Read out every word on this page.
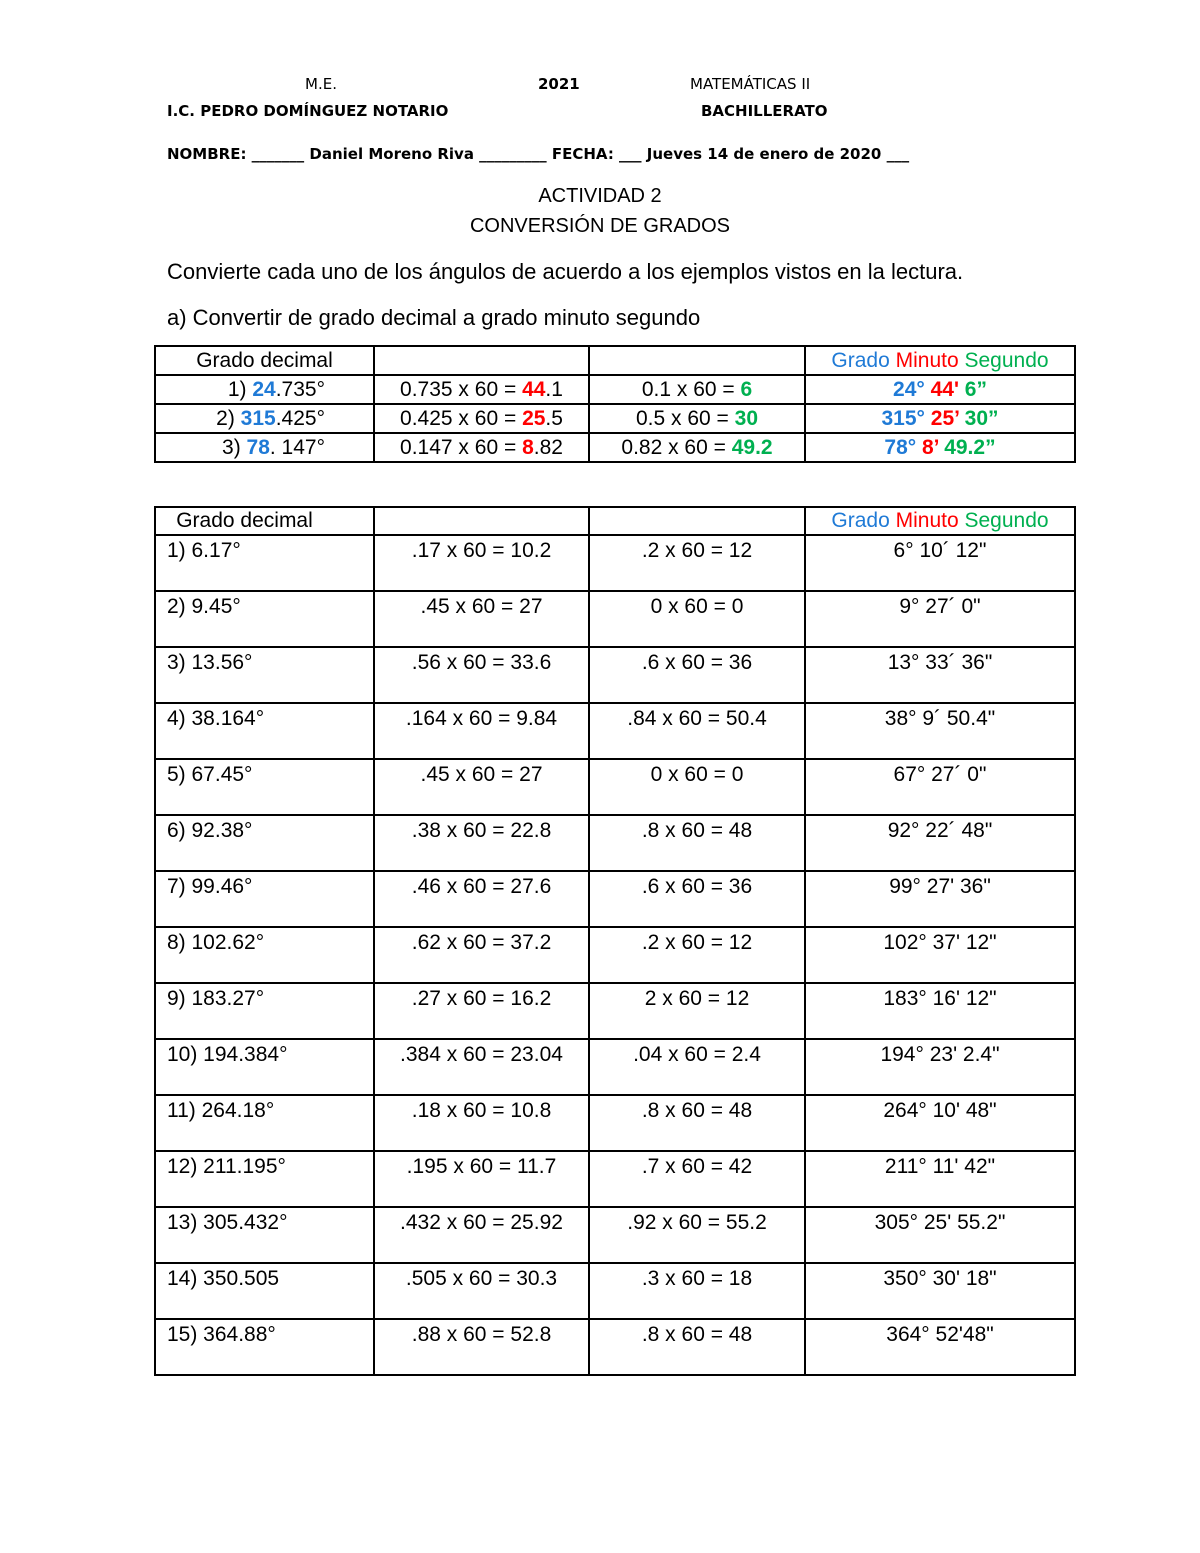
M.E.	2021	MATEMÁTICAS II
I.C. PEDRO DOMÍNGUEZ NOTARIO	BACHILLERATO
NOMBRE: _______ Daniel Moreno Riva _________ FECHA: ___ Jueves 14 de enero de 2020 ___
ACTIVIDAD 2
CONVERSIÓN DE GRADOS
Convierte cada uno de los ángulos de acuerdo a los ejemplos vistos en la lectura.
a) Convertir de grado decimal a grado minuto segundo
Grado decimal			Grado Minuto Segundo
1) 24.735°	0.735 x 60 = 44.1	0.1 x 60 = 6	24° 44' 6”
2) 315.425°	0.425 x 60 = 25.5	0.5 x 60 = 30	315° 25’ 30”
3) 78. 147°	0.147 x 60 = 8.82	0.82 x 60 = 49.2	78° 8’ 49.2”
Grado decimal			Grado Minuto Segundo
1) 6.17°	.17 x 60 = 10.2	.2 x 60 = 12	6° 10´ 12"
2) 9.45°	.45 x 60 = 27	0 x 60 = 0	9° 27´ 0"
3) 13.56°	.56 x 60 = 33.6	.6 x 60 = 36	13° 33´ 36"
4) 38.164°	.164 x 60 = 9.84	.84 x 60 = 50.4	38° 9´ 50.4"
5) 67.45°	.45 x 60 = 27	0 x 60 = 0	67° 27´ 0"
6) 92.38°	.38 x 60 = 22.8	.8 x 60 = 48	92° 22´ 48"
7) 99.46°	.46 x 60 = 27.6	.6 x 60 = 36	99° 27' 36"
8) 102.62°	.62 x 60 = 37.2	.2 x 60 = 12	102° 37' 12"
9) 183.27°	.27 x 60 = 16.2	2 x 60 = 12	183° 16' 12"
10) 194.384°	.384 x 60 = 23.04	.04 x 60 = 2.4	194° 23' 2.4"
11) 264.18°	.18 x 60 = 10.8	.8 x 60 = 48	264° 10' 48"
12) 211.195°	.195 x 60 = 11.7	.7 x 60 = 42	211° 11' 42"
13) 305.432°	.432 x 60 = 25.92	.92 x 60 = 55.2	305° 25' 55.2"
14) 350.505	.505 x 60 = 30.3	.3 x 60 = 18	350° 30' 18"
15) 364.88°	.88 x 60 = 52.8	.8 x 60 = 48	364° 52'48"
